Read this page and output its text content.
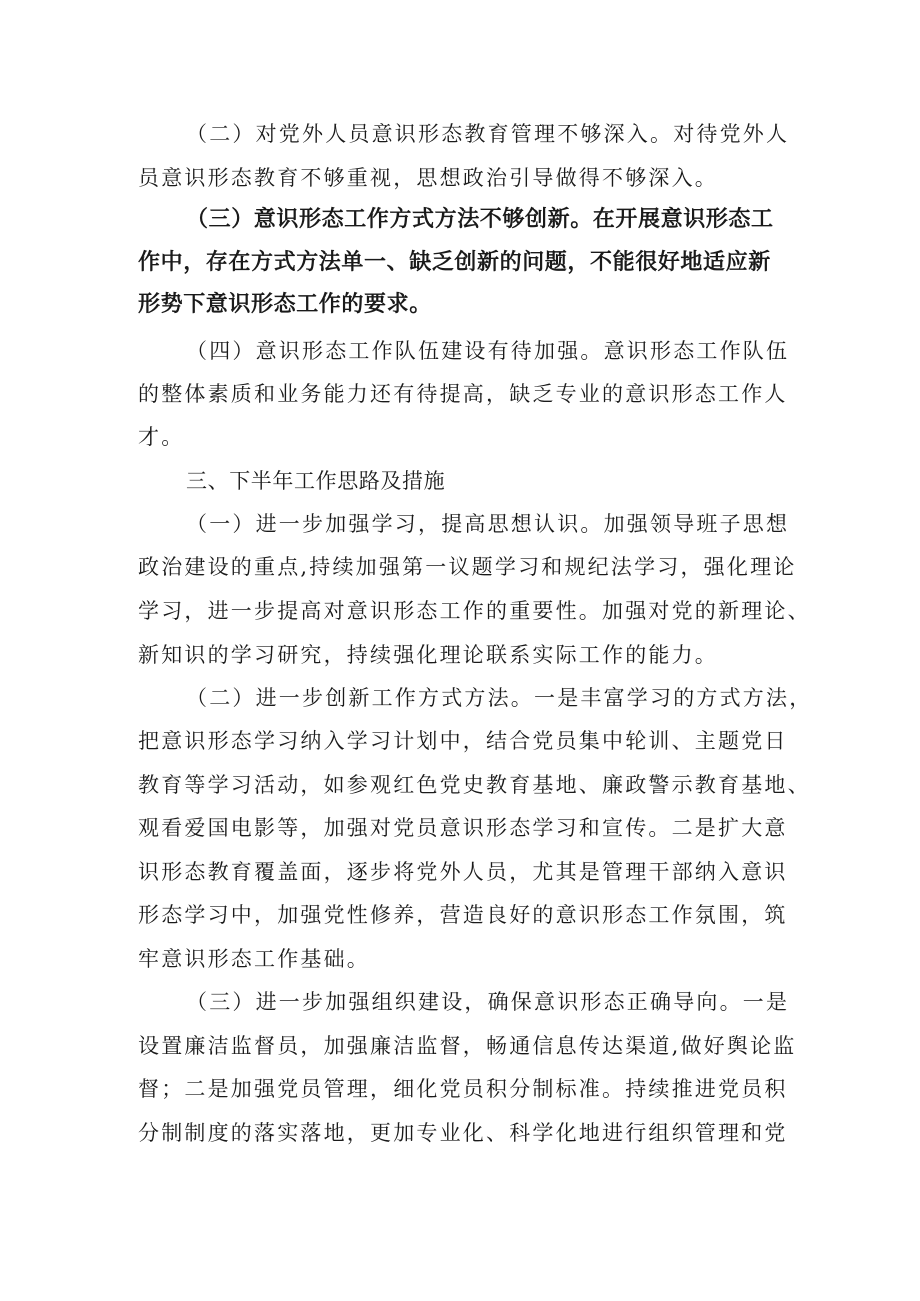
（二）对党外人员意识形态教育管理不够深入。对待党外人
员意识形态教育不够重视，思想政治引导做得不够深入。
（三）意识形态工作方式方法不够创新。在开展意识形态工
作中，存在方式方法单一、缺乏创新的问题，不能很好地适应新
形势下意识形态工作的要求。
（四）意识形态工作队伍建设有待加强。意识形态工作队伍
的整体素质和业务能力还有待提高，缺乏专业的意识形态工作人
才。
三、下半年工作思路及措施
（一）进一步加强学习，提高思想认识。加强领导班子思想
政治建设的重点,持续加强第一议题学习和规纪法学习，强化理论
学习，进一步提高对意识形态工作的重要性。加强对党的新理论、
新知识的学习研究，持续强化理论联系实际工作的能力。
（二）进一步创新工作方式方法。一是丰富学习的方式方法，
把意识形态学习纳入学习计划中，结合党员集中轮训、主题党日
教育等学习活动，如参观红色党史教育基地、廉政警示教育基地、
观看爱国电影等，加强对党员意识形态学习和宣传。二是扩大意
识形态教育覆盖面，逐步将党外人员，尤其是管理干部纳入意识
形态学习中，加强党性修养，营造良好的意识形态工作氛围，筑
牢意识形态工作基础。
（三）进一步加强组织建设，确保意识形态正确导向。一是
设置廉洁监督员，加强廉洁监督，畅通信息传达渠道,做好舆论监
督；二是加强党员管理，细化党员积分制标准。持续推进党员积
分制制度的落实落地，更加专业化、科学化地进行组织管理和党
